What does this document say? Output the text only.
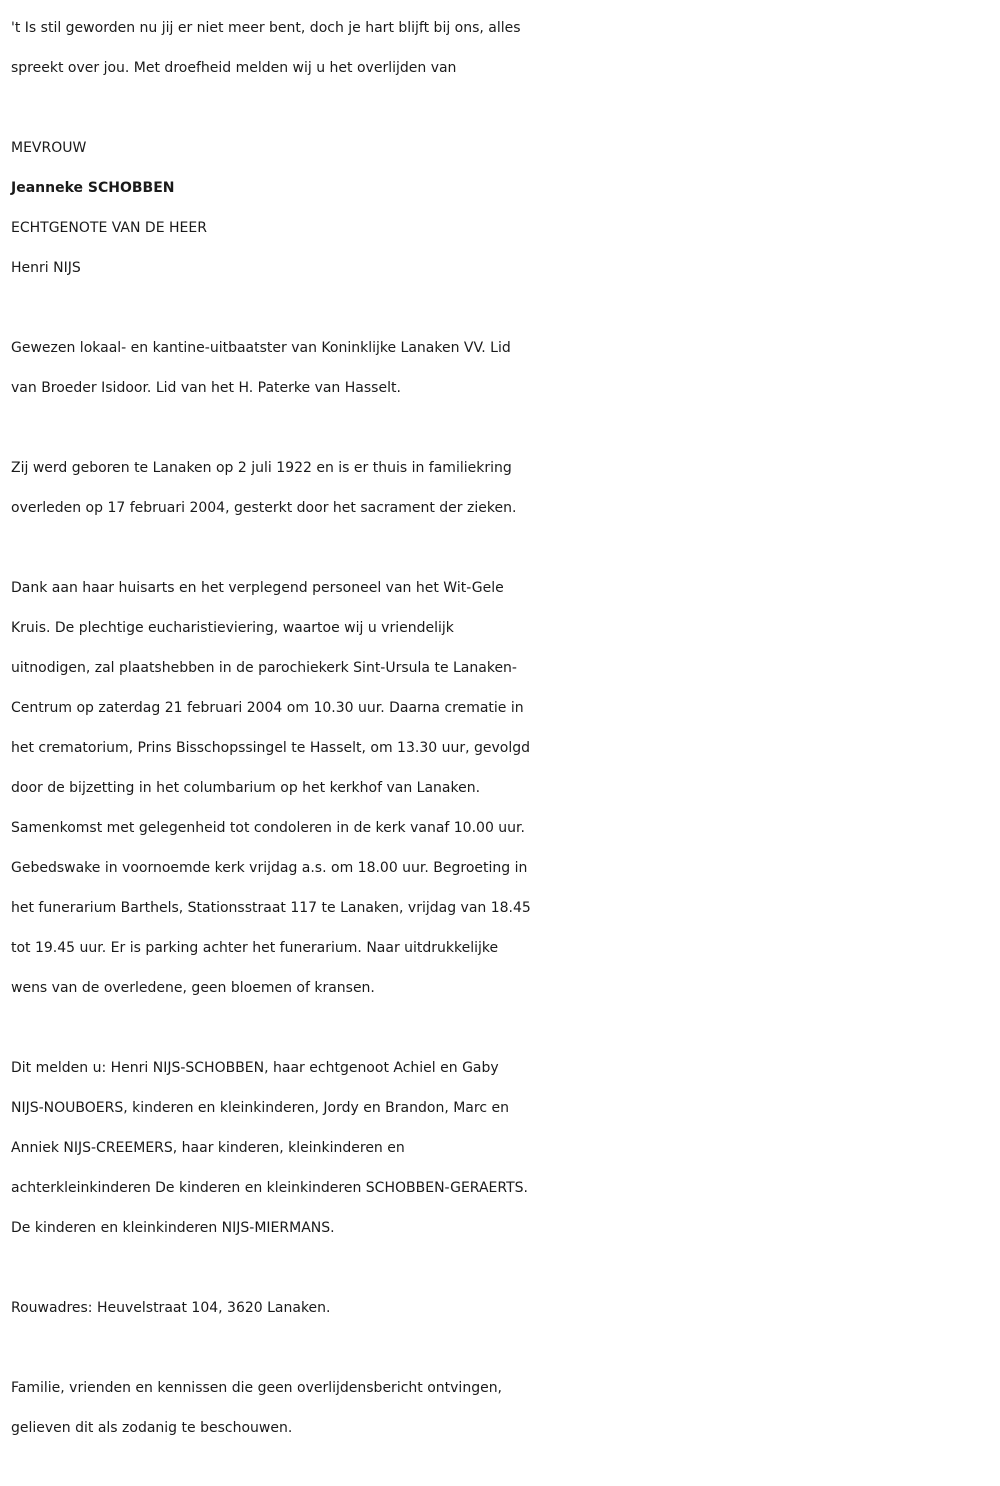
't Is stil geworden nu jij er niet meer bent, doch je hart blijft bij ons, alles
spreekt over jou. Met droefheid melden wij u het overlijden van

MEVROUW
Jeanneke SCHOBBEN
ECHTGENOTE VAN DE HEER
Henri NIJS

Gewezen lokaal- en kantine-uitbaatster van Koninklijke Lanaken VV. Lid
van Broeder Isidoor. Lid van het H. Paterke van Hasselt.

Zij werd geboren te Lanaken op 2 juli 1922 en is er thuis in familiekring
overleden op 17 februari 2004, gesterkt door het sacrament der zieken.

Dank aan haar huisarts en het verplegend personeel van het Wit-Gele
Kruis. De plechtige eucharistieviering, waartoe wij u vriendelijk
uitnodigen, zal plaatshebben in de parochiekerk Sint-Ursula te Lanaken-
Centrum op zaterdag 21 februari 2004 om 10.30 uur. Daarna crematie in
het crematorium, Prins Bisschopssingel te Hasselt, om 13.30 uur, gevolgd
door de bijzetting in het columbarium op het kerkhof van Lanaken.
Samenkomst met gelegenheid tot condoleren in de kerk vanaf 10.00 uur.
Gebedswake in voornoemde kerk vrijdag a.s. om 18.00 uur. Begroeting in
het funerarium Barthels, Stationsstraat 117 te Lanaken, vrijdag van 18.45
tot 19.45 uur. Er is parking achter het funerarium. Naar uitdrukkelijke
wens van de overledene, geen bloemen of kransen.

Dit melden u: Henri NIJS-SCHOBBEN, haar echtgenoot Achiel en Gaby
NIJS-NOUBOERS, kinderen en kleinkinderen, Jordy en Brandon, Marc en
Anniek NIJS-CREEMERS, haar kinderen, kleinkinderen en
achterkleinkinderen De kinderen en kleinkinderen SCHOBBEN-GERAERTS.
De kinderen en kleinkinderen NIJS-MIERMANS.

Rouwadres: Heuvelstraat 104, 3620 Lanaken.

Familie, vrienden en kennissen die geen overlijdensbericht ontvingen,
gelieven dit als zodanig te beschouwen.
